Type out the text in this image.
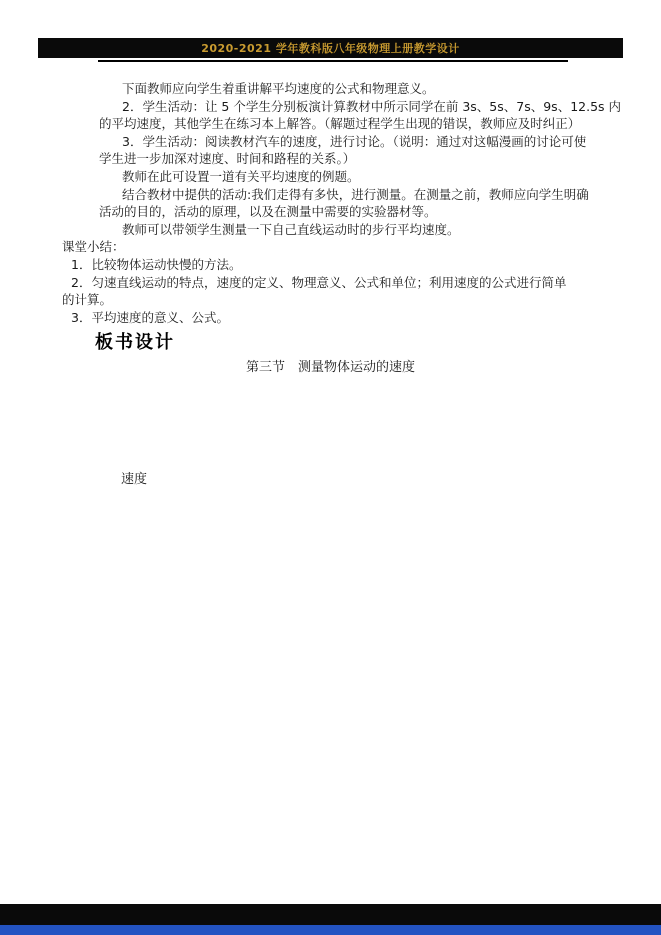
2020-2021 学年教科版八年级物理上册教学设计
下面教师应向学生着重讲解平均速度的公式和物理意义。
2．学生活动：让 5 个学生分别板演计算教材中所示同学在前 3s、5s、7s、9s、12.5s 内
的平均速度，其他学生在练习本上解答。（解题过程学生出现的错误，教师应及时纠正）
3．学生活动：阅读教材汽车的速度，进行讨论。（说明：通过对这幅漫画的讨论可使
学生进一步加深对速度、时间和路程的关系。）
教师在此可设置一道有关平均速度的例题。
结合教材中提供的活动:我们走得有多快，进行测量。在测量之前，教师应向学生明确
活动的目的，活动的原理，以及在测量中需要的实验器材等。
教师可以带领学生测量一下自己直线运动时的步行平均速度。
课堂小结：
1．比较物体运动快慢的方法。
2．匀速直线运动的特点，速度的定义、物理意义、公式和单位；利用速度的公式进行简单
的计算。
3．平均速度的意义、公式。
板书设计
第三节　测量物体运动的速度
速度
